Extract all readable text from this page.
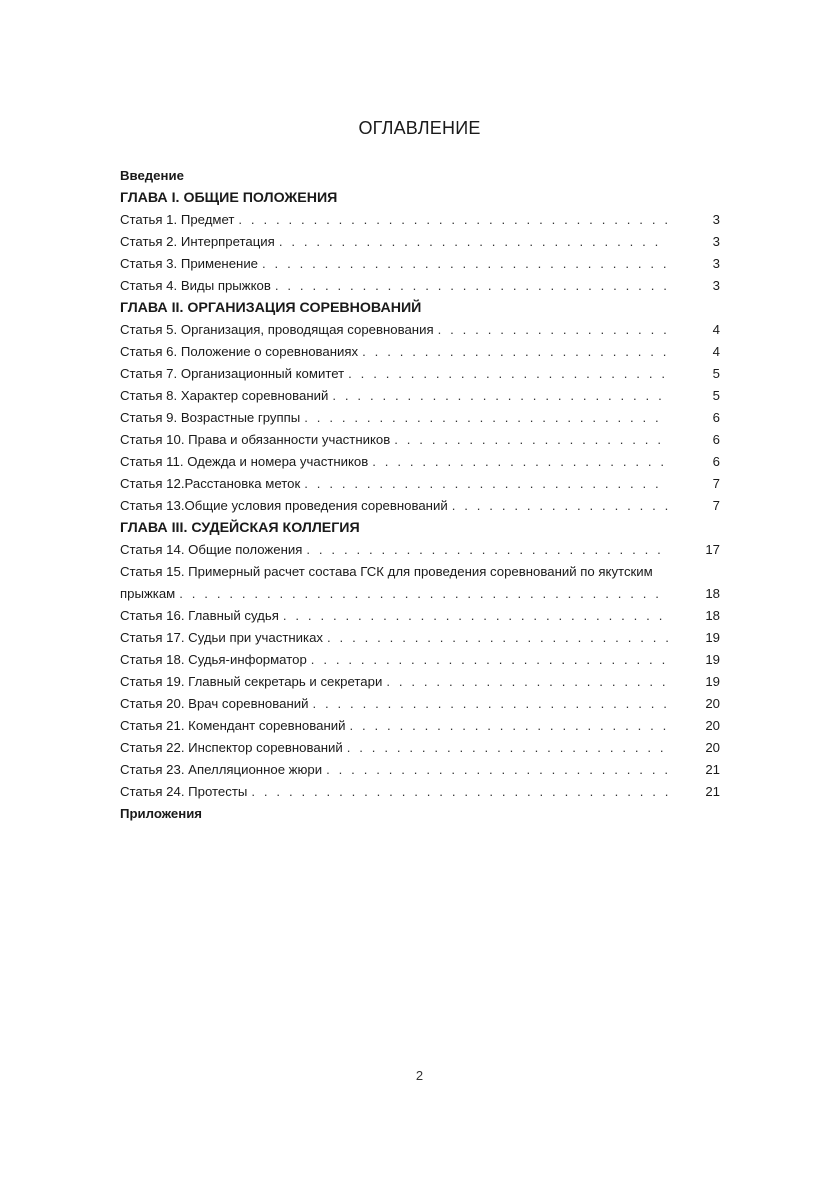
ОГЛАВЛЕНИЕ
Введение
ГЛАВА I. ОБЩИЕ ПОЛОЖЕНИЯ
Статья 1. Предмет . . . . . . . . . . . . . . . . . . . . . . . . . . . . . . . . . . .	3
Статья 2. Интерпретация . . . . . . . . . . . . . . . . . . . . . . . . . . . . . . .	3
Статья 3. Применение . . . . . . . . . . . . . . . . . . . . . . . . . . . . . . . . .	3
Статья 4. Виды прыжков . . . . . . . . . . . . . . . . . . . . . . . . . . . . . . . .	3
ГЛАВА II. ОРГАНИЗАЦИЯ СОРЕВНОВАНИЙ
Статья 5. Организация, проводящая соревнования . . . . . . . . . . . . . . . . . . .	4
Статья 6. Положение о соревнованиях . . . . . . . . . . . . . . . . . . . . . . . . .	4
Статья 7. Организационный комитет . . . . . . . . . . . . . . . . . . . . . . . . . .	5
Статья 8. Характер соревнований . . . . . . . . . . . . . . . . . . . . . . . . . . .	5
Статья 9. Возрастные группы . . . . . . . . . . . . . . . . . . . . . . . . . . . . .	6
Статья 10. Права и обязанности участников . . . . . . . . . . . . . . . . . . . . . .	6
Статья 11. Одежда и номера участников . . . . . . . . . . . . . . . . . . . . . . . .	6
Статья 12.Расстановка меток . . . . . . . . . . . . . . . . . . . . . . . . . . . . .	7
Статья 13.Общие условия проведения соревнований . . . . . . . . . . . . . . . . . .	7
ГЛАВА III. СУДЕЙСКАЯ КОЛЛЕГИЯ
Статья 14. Общие положения . . . . . . . . . . . . . . . . . . . . . . . . . . . . .	17
Статья 15. Примерный расчет состава ГСК для проведения соревнований по якутским
прыжкам . . . . . . . . . . . . . . . . . . . . . . . . . . . . . . . . . . . . . . .	18
Статья 16. Главный судья . . . . . . . . . . . . . . . . . . . . . . . . . . . . . . .	18
Статья 17. Судьи при участниках . . . . . . . . . . . . . . . . . . . . . . . . . . . .	19
Статья 18. Судья-информатор . . . . . . . . . . . . . . . . . . . . . . . . . . . . .	19
Статья 19. Главный секретарь и секретари . . . . . . . . . . . . . . . . . . . . . . .	19
Статья 20. Врач соревнований . . . . . . . . . . . . . . . . . . . . . . . . . . . . .	20
Статья 21. Комендант соревнований . . . . . . . . . . . . . . . . . . . . . . . . . .	20
Статья 22. Инспектор соревнований . . . . . . . . . . . . . . . . . . . . . . . . . .	20
Статья 23. Апелляционное жюри . . . . . . . . . . . . . . . . . . . . . . . . . . . .	21
Статья 24. Протесты . . . . . . . . . . . . . . . . . . . . . . . . . . . . . . . . . .	21
Приложения
2
